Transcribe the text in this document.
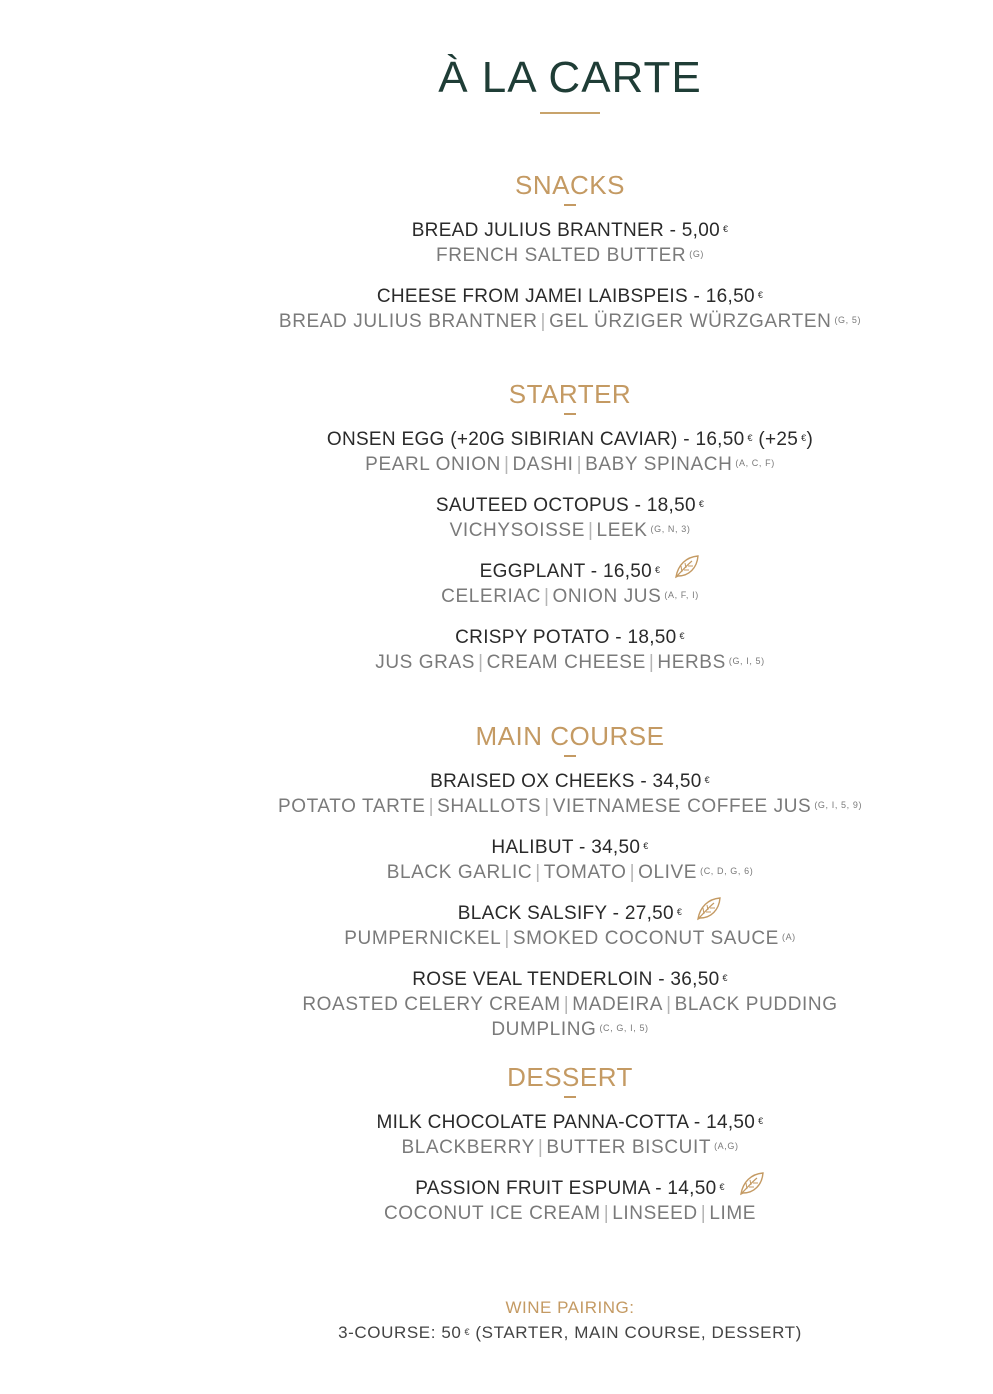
À LA CARTE
SNACKS
BREAD JULIUS BRANTNER - 5,00 €
FRENCH SALTED BUTTER $^{(G)}$
CHEESE FROM JAMEI LAIBSPEIS - 16,50 €
BREAD JULIUS BRANTNER | GEL ÜRZIGER WÜRZGARTEN $^{(G, 5)}$
STARTER
ONSEN EGG (+20G SIBIRIAN CAVIAR) - 16,50 € (+25 €)
PEARL ONION | DASHI | BABY SPINACH $^{(A, C, F)}$
SAUTEED OCTOPUS - 18,50 €
VICHYSOISSE | LEEK $^{(G, N, 3)}$
EGGPLANT - 16,50 €
CELERIAC | ONION JUS $^{(A, F, I)}$
CRISPY POTATO - 18,50 €
JUS GRAS | CREAM CHEESE | HERBS $^{(G, I, 5)}$
MAIN COURSE
BRAISED OX CHEEKS - 34,50 €
POTATO TARTE | SHALLOTS | VIETNAMESE COFFEE JUS $^{(G, I, 5, 9)}$
HALIBUT - 34,50 €
BLACK GARLIC | TOMATO | OLIVE $^{(C, D, G, 6)}$
BLACK SALSIFY - 27,50 €
PUMPERNICKEL | SMOKED COCONUT SAUCE $^{(A)}$
ROSE VEAL TENDERLOIN - 36,50 €
ROASTED CELERY CREAM | MADEIRA | BLACK PUDDING DUMPLING $^{(C, G, I, 5)}$
DESSERT
MILK CHOCOLATE PANNA-COTTA - 14,50 €
BLACKBERRY | BUTTER BISCUIT $^{(A,G)}$
PASSION FRUIT ESPUMA - 14,50 €
COCONUT ICE CREAM | LINSEED | LIME
WINE PAIRING:
3-COURSE: 50 € (STARTER, MAIN COURSE, DESSERT)
